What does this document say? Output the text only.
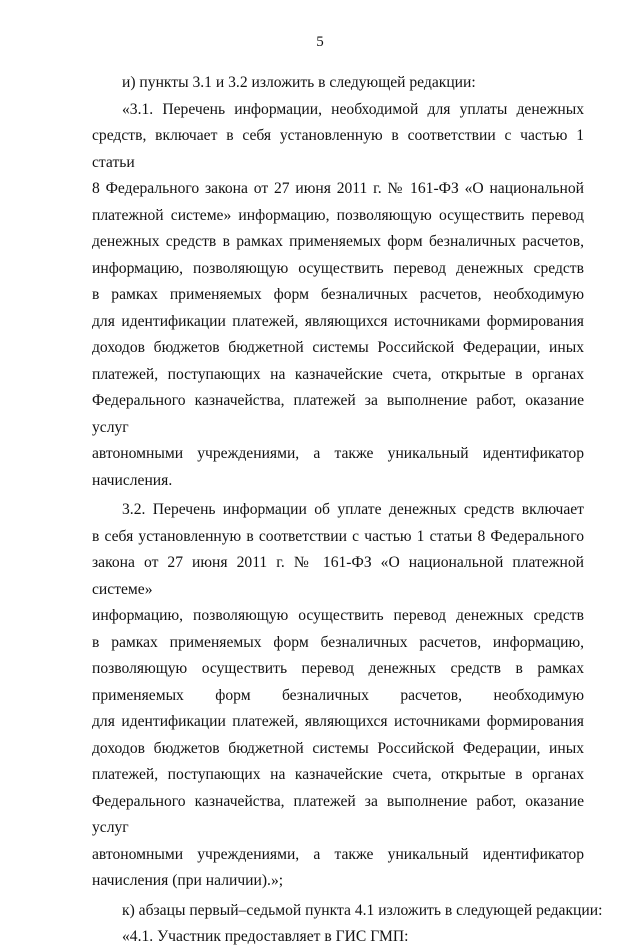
5
и) пункты 3.1 и 3.2 изложить в следующей редакции:
«3.1. Перечень информации, необходимой для уплаты денежных
средств, включает в себя установленную в соответствии с частью 1 статьи
8 Федерального закона от 27 июня 2011 г. № 161-ФЗ «О национальной
платежной системе» информацию, позволяющую осуществить перевод
денежных средств в рамках применяемых форм безналичных расчетов,
информацию, позволяющую осуществить перевод денежных средств
в рамках применяемых форм безналичных расчетов, необходимую
для идентификации платежей, являющихся источниками формирования
доходов бюджетов бюджетной системы Российской Федерации, иных
платежей, поступающих на казначейские счета, открытые в органах
Федерального казначейства, платежей за выполнение работ, оказание услуг
автономными учреждениями, а также уникальный идентификатор
начисления.
3.2. Перечень информации об уплате денежных средств включает
в себя установленную в соответствии с частью 1 статьи 8 Федерального
закона от 27 июня 2011 г. № 161-ФЗ «О национальной платежной системе»
информацию, позволяющую осуществить перевод денежных средств
в рамках применяемых форм безналичных расчетов, информацию,
позволяющую осуществить перевод денежных средств в рамках
применяемых форм безналичных расчетов, необходимую
для идентификации платежей, являющихся источниками формирования
доходов бюджетов бюджетной системы Российской Федерации, иных
платежей, поступающих на казначейские счета, открытые в органах
Федерального казначейства, платежей за выполнение работ, оказание услуг
автономными учреждениями, а также уникальный идентификатор
начисления (при наличии).»;
к) абзацы первый–седьмой пункта 4.1 изложить в следующей редакции:
«4.1. Участник предоставляет в ГИС ГМП:
